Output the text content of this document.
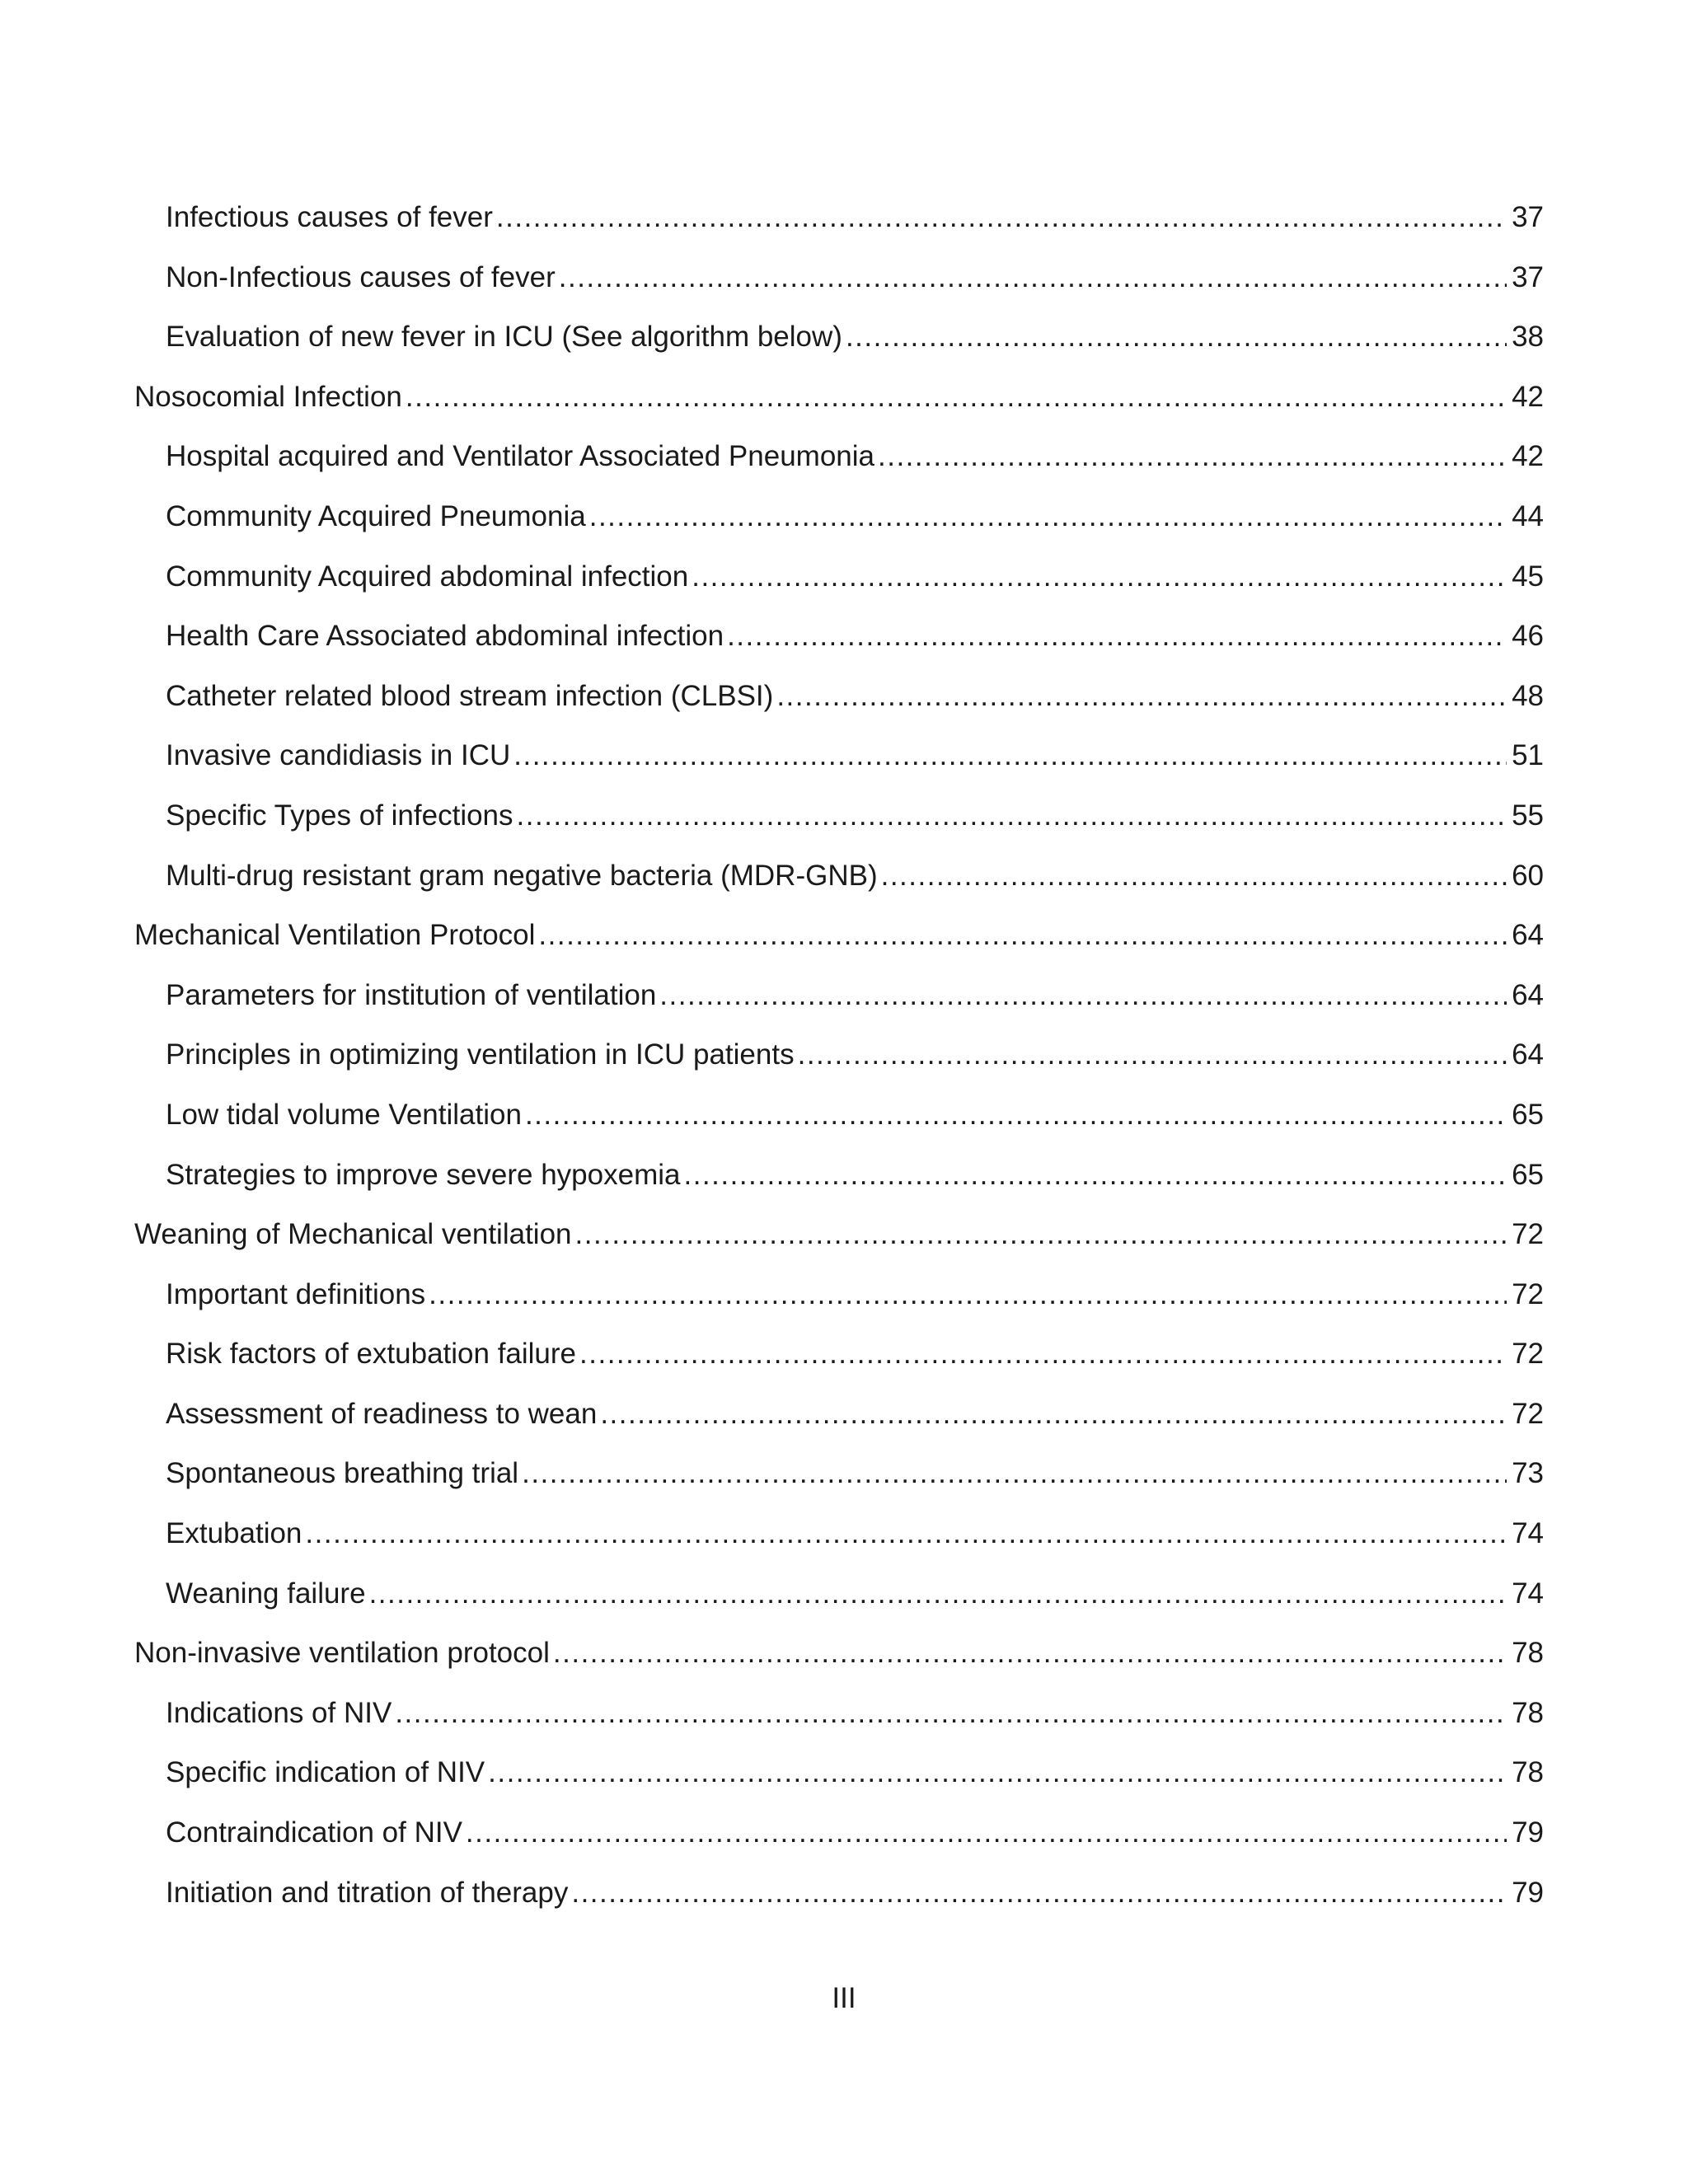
Infectious causes of fever .....	37
Non-Infectious causes of fever .....	37
Evaluation of new fever in ICU (See algorithm below) .....	38
Nosocomial Infection .....	42
Hospital acquired and Ventilator Associated Pneumonia .....	42
Community Acquired Pneumonia .....	44
Community Acquired abdominal infection .....	45
Health Care Associated abdominal infection .....	46
Catheter related blood stream infection (CLBSI) .....	48
Invasive candidiasis in ICU .....	51
Specific Types of infections .....	55
Multi-drug resistant gram negative bacteria (MDR-GNB) .....	60
Mechanical Ventilation Protocol .....	64
Parameters for institution of ventilation .....	64
Principles in optimizing ventilation in ICU patients .....	64
Low tidal volume Ventilation .....	65
Strategies to improve severe hypoxemia .....	65
Weaning of Mechanical ventilation .....	72
Important definitions .....	72
Risk factors of extubation failure .....	72
Assessment of readiness to wean .....	72
Spontaneous breathing trial .....	73
Extubation .....	74
Weaning failure .....	74
Non-invasive ventilation protocol .....	78
Indications of NIV .....	78
Specific indication of NIV .....	78
Contraindication of NIV .....	79
Initiation and titration of therapy .....	79
III
